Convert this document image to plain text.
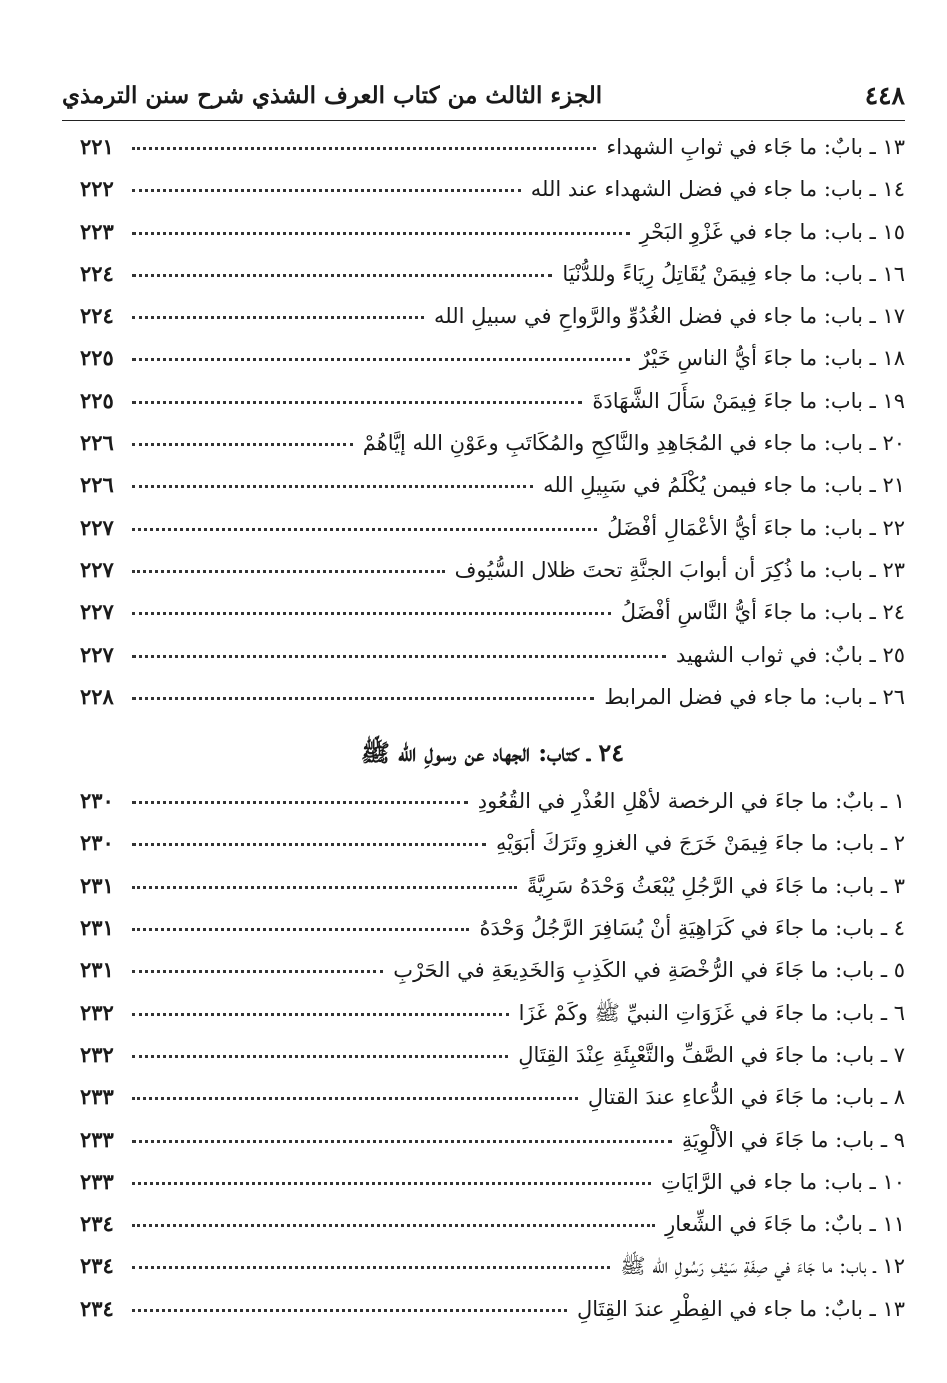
٤٤٨
الجزء الثالث من كتاب العرف الشذي شرح سنن الترمذي
١٣ ـ بابٌ: ما جَاء في ثوابِ الشهداء
٢٢١
١٤ ـ باب: ما جاء في فضل الشهداء عند الله
٢٢٢
١٥ ـ باب: ما جاء في غَزْوِ البَحْرِ
٢٢٣
١٦ ـ باب: ما جاء فِيمَنْ يُقَاتِلُ رِيَاءً وللدُّنْيَا
٢٢٤
١٧ ـ باب: ما جاء في فضل الغُدُوِّ والرَّواحِ في سبيلِ الله
٢٢٤
١٨ ـ باب: ما جاءَ أيُّ الناسِ خَيْرٌ
٢٢٥
١٩ ـ باب: ما جاءَ فِيمَنْ سَأَلَ الشَّهَادَةَ
٢٢٥
٢٠ ـ باب: ما جاء في المُجَاهِدِ والنَّاكِحِ والمُكَاتَبِ وعَوْنِ الله إيَّاهُمْ
٢٢٦
٢١ ـ باب: ما جاء فيمن يُكْلَمُ في سَبِيلِ الله
٢٢٦
٢٢ ـ باب: ما جاءَ أيُّ الأعْمَالِ أفْضَلُ
٢٢٧
٢٣ ـ باب: ما ذُكِرَ أن أبوابَ الجنَّةِ تحتَ ظلال السُّيُوف
٢٢٧
٢٤ ـ باب: ما جاءَ أيُّ النَّاسِ أفْضَلُ
٢٢٧
٢٥ ـ بابٌ: في ثواب الشهيد
٢٢٧
٢٦ ـ باب: ما جاء في فضل المرابط
٢٢٨
٢٤ ـ كتاب: الجهاد عن رسولِ الله ﷺ
١ ـ بابٌ: ما جاءَ في الرخصة لأهْلِ العُذْرِ في القُعُودِ
٢٣٠
٢ ـ باب: ما جاءَ فِيمَنْ خَرَجَ في الغزوِ وتَرَكَ أبَوَيْهِ
٢٣٠
٣ ـ باب: ما جَاءَ في الرَّجُلِ يُبْعَثُ وَحْدَهُ سَرِيَّةً
٢٣١
٤ ـ باب: ما جاءَ في كَرَاهِيَةِ أنْ يُسَافِرَ الرَّجُلُ وَحْدَهُ
٢٣١
٥ ـ باب: ما جَاءَ في الرُّخْصَةِ في الكَذِبِ وَالخَدِيعَةِ في الحَرْبِ
٢٣١
٦ ـ باب: ما جاءَ في غَزَوَاتِ النبيِّ ﷺ وكَمْ غَزَا
٢٣٢
٧ ـ باب: ما جاءَ في الصَّفِّ والتَّعْبِئَةِ عِنْدَ القِتَالِ
٢٣٢
٨ ـ باب: ما جَاءَ في الدُّعاءِ عندَ القتالِ
٢٣٣
٩ ـ باب: ما جَاءَ في الألْوِيَةِ
٢٣٣
١٠ ـ باب: ما جاء في الرَّايَاتِ
٢٣٣
١١ ـ بابٌ: ما جَاءَ في الشِّعارِ
٢٣٤
١٢ ـ باب: ما جَاءَ في صِفَةِ سَيْفِ رَسُولِ الله ﷺ
٢٣٤
١٣ ـ بابٌ: ما جاء في الفِطْرِ عندَ القِتَالِ
٢٣٤
